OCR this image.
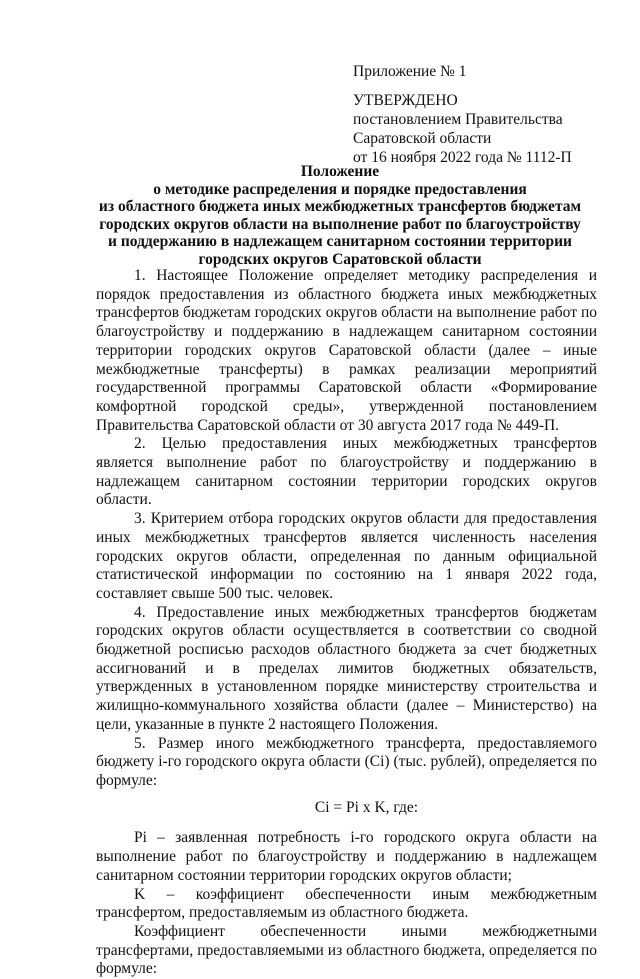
Приложение № 1
УТВЕРЖДЕНО
постановлением Правительства
Саратовской области
от 16 ноября 2022 года № 1112-П
Положение
о методике распределения и порядке предоставления
из областного бюджета иных межбюджетных трансфертов бюджетам
городских округов области на выполнение работ по благоустройству
и поддержанию в надлежащем санитарном состоянии территории
городских округов Саратовской области

1. Настоящее Положение определяет методику распределения и порядок предоставления из областного бюджета иных межбюджетных трансфертов бюджетам городских округов области на выполнение работ по благоустройству и поддержанию в надлежащем санитарном состоянии территории городских округов Саратовской области (далее – иные межбюджетные трансферты) в рамках реализации мероприятий государственной программы Саратовской области «Формирование комфортной городской среды», утвержденной постановлением Правительства Саратовской области от 30 августа 2017 года № 449-П.

2. Целью предоставления иных межбюджетных трансфертов является выполнение работ по благоустройству и поддержанию в надлежащем санитарном состоянии территории городских округов области.

3. Критерием отбора городских округов области для предоставления иных межбюджетных трансфертов является численность населения городских округов области, определенная по данным официальной статистической информации по состоянию на 1 января 2022 года, составляет свыше 500 тыс. человек.

4. Предоставление иных межбюджетных трансфертов бюджетам городских округов области осуществляется в соответствии со сводной бюджетной росписью расходов областного бюджета за счет бюджетных ассигнований и в пределах лимитов бюджетных обязательств, утвержденных в установленном порядке министерству строительства и жилищно-коммунального хозяйства области (далее – Министерство) на цели, указанные в пункте 2 настоящего Положения.

5. Размер иного межбюджетного трансферта, предоставляемого бюджету i-го городского округа области (Ci) (тыс. рублей), определяется по формуле:

Ci = Pi x K, где:

Pi – заявленная потребность i-го городского округа области на выполнение работ по благоустройству и поддержанию в надлежащем санитарном состоянии территории городских округов области;

K – коэффициент обеспеченности иным межбюджетным трансфертом, предоставляемым из областного бюджета.

Коэффициент обеспеченности иными межбюджетными трансфертами, предоставляемыми из областного бюджета, определяется по формуле:
